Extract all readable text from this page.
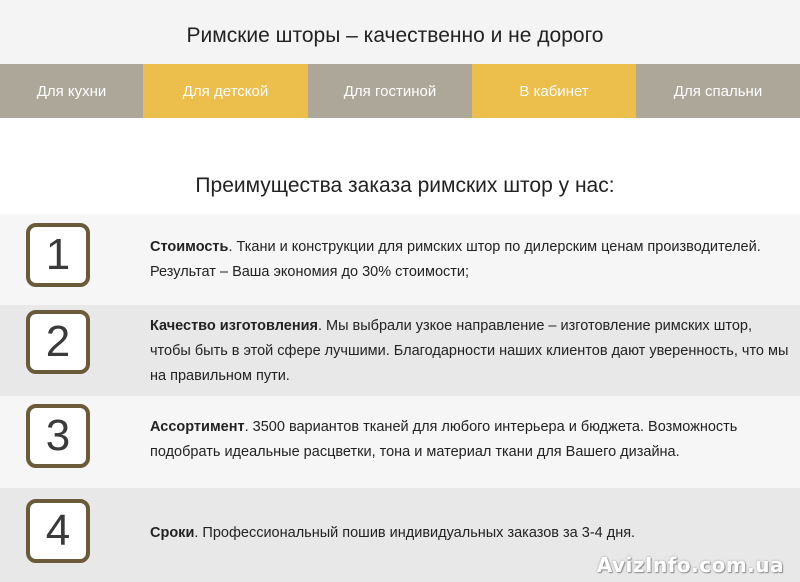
Римские шторы – качественно и не дорого
Для кухни	Для детской	Для гостиной	В кабинет	Для спальни
Преимущества заказа римских штор у нас:
1	Стоимость. Ткани и конструкции для римских штор по дилерским ценам производителей. Результат – Ваша экономия до 30% стоимости;
2	Качество изготовления. Мы выбрали узкое направление – изготовление римских штор, чтобы быть в этой сфере лучшими. Благодарности наших клиентов дают уверенность, что мы на правильном пути.
3	Ассортимент. 3500 вариантов тканей для любого интерьера и бюджета. Возможность подобрать идеальные расцветки, тона и материал ткани для Вашего дизайна.
4	Сроки. Профессиональный пошив индивидуальных заказов за 3-4 дня.
AvizInfo.com.ua
